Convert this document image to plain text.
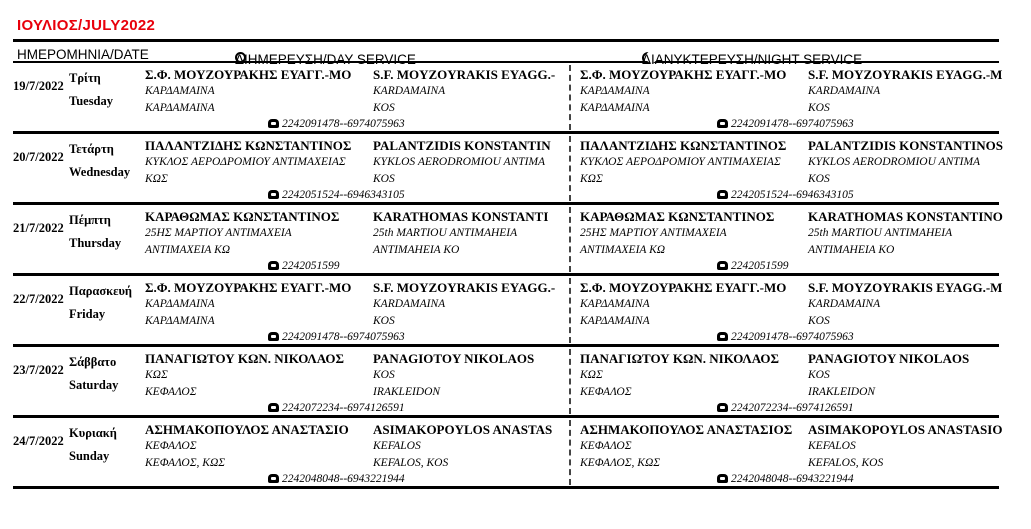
ΙΟΥΛΙΟΣ/JULY2022
ΗΜΕΡΟΜΗΝΙΑ/DATE	ΔΙΗΜΕΡΕΥΣΗ/DAY SERVICE	ΔΙΑΝΥΚΤΕΡΕΥΣΗ/NIGHT SERVICE
19/7/2022
Τρίτη
Tuesday
Σ.Φ. ΜΟΥΖΟΥΡΑΚΗΣ ΕΥΑΓΓ.-ΜΟ
ΚΑΡΔΑΜΑΙΝΑ
ΚΑΡΔΑΜΑΙΝΑ
S.F. MOYZOYRAKIS EYAGG.-
KARDAMAINA
KOS
2242091478--6974075963
Σ.Φ. ΜΟΥΖΟΥΡΑΚΗΣ ΕΥΑΓΓ.-ΜΟ
ΚΑΡΔΑΜΑΙΝΑ
ΚΑΡΔΑΜΑΙΝΑ
S.F. MOYZOYRAKIS EYAGG.-M
KARDAMAINA
KOS
2242091478--6974075963
20/7/2022
Τετάρτη
Wednesday
ΠΑΛΑΝΤΖΙΔΗΣ ΚΩΝΣΤΑΝΤΙΝΟΣ
ΚΥΚΛΟΣ ΑΕΡΟΔΡΟΜΙΟΥ ΑΝΤΙΜΑΧΕΙΑΣ
ΚΩΣ
PALANTZIDIS KONSTANTIN
KYKLOS AERODROMIOU ANTIMA
KOS
2242051524--6946343105
ΠΑΛΑΝΤΖΙΔΗΣ ΚΩΝΣΤΑΝΤΙΝΟΣ
ΚΥΚΛΟΣ ΑΕΡΟΔΡΟΜΙΟΥ ΑΝΤΙΜΑΧΕΙΑΣ
ΚΩΣ
PALANTZIDIS KONSTANTINOS
KYKLOS AERODROMIOU ANTIMA
KOS
2242051524--6946343105
21/7/2022
Πέμπτη
Thursday
ΚΑΡΑΘΩΜΑΣ ΚΩΝΣΤΑΝΤΙΝΟΣ
25ΗΣ ΜΑΡΤΙΟΥ ΑΝΤΙΜΑΧΕΙΑ
ΑΝΤΙΜΑΧΕΙΑ ΚΩ
KARATHOMAS KONSTANTI
25th MARTIOU ANTIMAHEIA
ANTIMAHEIA KO
2242051599
ΚΑΡΑΘΩΜΑΣ ΚΩΝΣΤΑΝΤΙΝΟΣ
25ΗΣ ΜΑΡΤΙΟΥ ΑΝΤΙΜΑΧΕΙΑ
ΑΝΤΙΜΑΧΕΙΑ ΚΩ
KARATHOMAS KONSTANTINO
25th MARTIOU ANTIMAHEIA
ANTIMAHEIA KO
2242051599
22/7/2022
Παρασκευή
Friday
Σ.Φ. ΜΟΥΖΟΥΡΑΚΗΣ ΕΥΑΓΓ.-ΜΟ
ΚΑΡΔΑΜΑΙΝΑ
ΚΑΡΔΑΜΑΙΝΑ
S.F. MOYZOYRAKIS EYAGG.-
KARDAMAINA
KOS
2242091478--6974075963
Σ.Φ. ΜΟΥΖΟΥΡΑΚΗΣ ΕΥΑΓΓ.-ΜΟ
ΚΑΡΔΑΜΑΙΝΑ
ΚΑΡΔΑΜΑΙΝΑ
S.F. MOYZOYRAKIS EYAGG.-M
KARDAMAINA
KOS
2242091478--6974075963
23/7/2022
Σάββατο
Saturday
ΠΑΝΑΓΙΩΤΟΥ ΚΩΝ. ΝΙΚΟΛΑΟΣ
ΚΩΣ
ΚΕΦΑΛΟΣ
PANAGIOTOY NIKOLAOS
KOS
IRAKLEIDON
2242072234--6974126591
ΠΑΝΑΓΙΩΤΟΥ ΚΩΝ. ΝΙΚΟΛΑΟΣ
ΚΩΣ
ΚΕΦΑΛΟΣ
PANAGIOTOY NIKOLAOS
KOS
IRAKLEIDON
2242072234--6974126591
24/7/2022
Κυριακή
Sunday
ΑΣΗΜΑΚΟΠΟΥΛΟΣ ΑΝΑΣΤΑΣΙΟ
ΚΕΦΑΛΟΣ
ΚΕΦΑΛΟΣ, ΚΩΣ
ASIMAKOPOYLOS ANASTAS
KEFALOS
KEFALOS, KOS
2242048048--6943221944
ΑΣΗΜΑΚΟΠΟΥΛΟΣ ΑΝΑΣΤΑΣΙΟΣ
ΚΕΦΑΛΟΣ
ΚΕΦΑΛΟΣ, ΚΩΣ
ASIMAKOPOYLOS ANASTASIO
KEFALOS
KEFALOS, KOS
2242048048--6943221944
